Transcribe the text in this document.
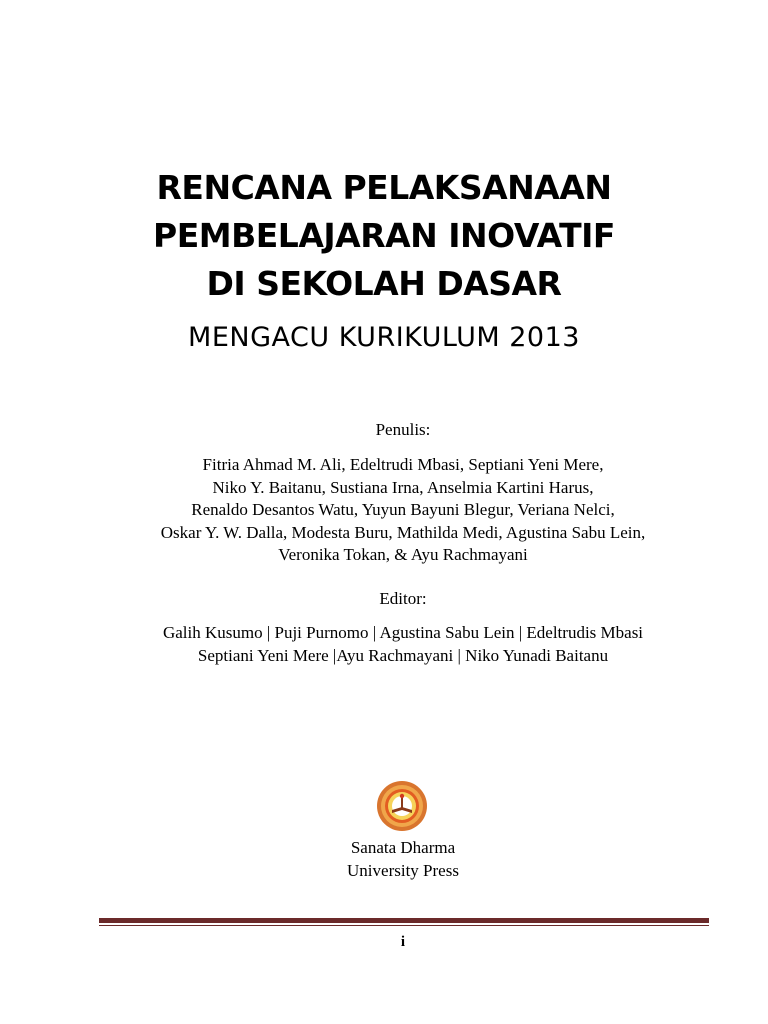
RENCANA PELAKSANAAN
PEMBELAJARAN INOVATIF
DI SEKOLAH DASAR
MENGACU KURIKULUM 2013
Penulis:
Fitria Ahmad M. Ali, Edeltrudi Mbasi, Septiani Yeni Mere,
Niko Y. Baitanu, Sustiana Irna, Anselmia Kartini Harus,
Renaldo Desantos Watu, Yuyun Bayuni Blegur, Veriana Nelci,
Oskar Y. W. Dalla, Modesta Buru, Mathilda Medi, Agustina Sabu Lein,
Veronika Tokan, & Ayu Rachmayani
Editor:
Galih Kusumo | Puji Purnomo | Agustina Sabu Lein | Edeltrudis Mbasi
Septiani Yeni Mere |Ayu Rachmayani | Niko Yunadi Baitanu
Sanata Dharma
University Press
i
